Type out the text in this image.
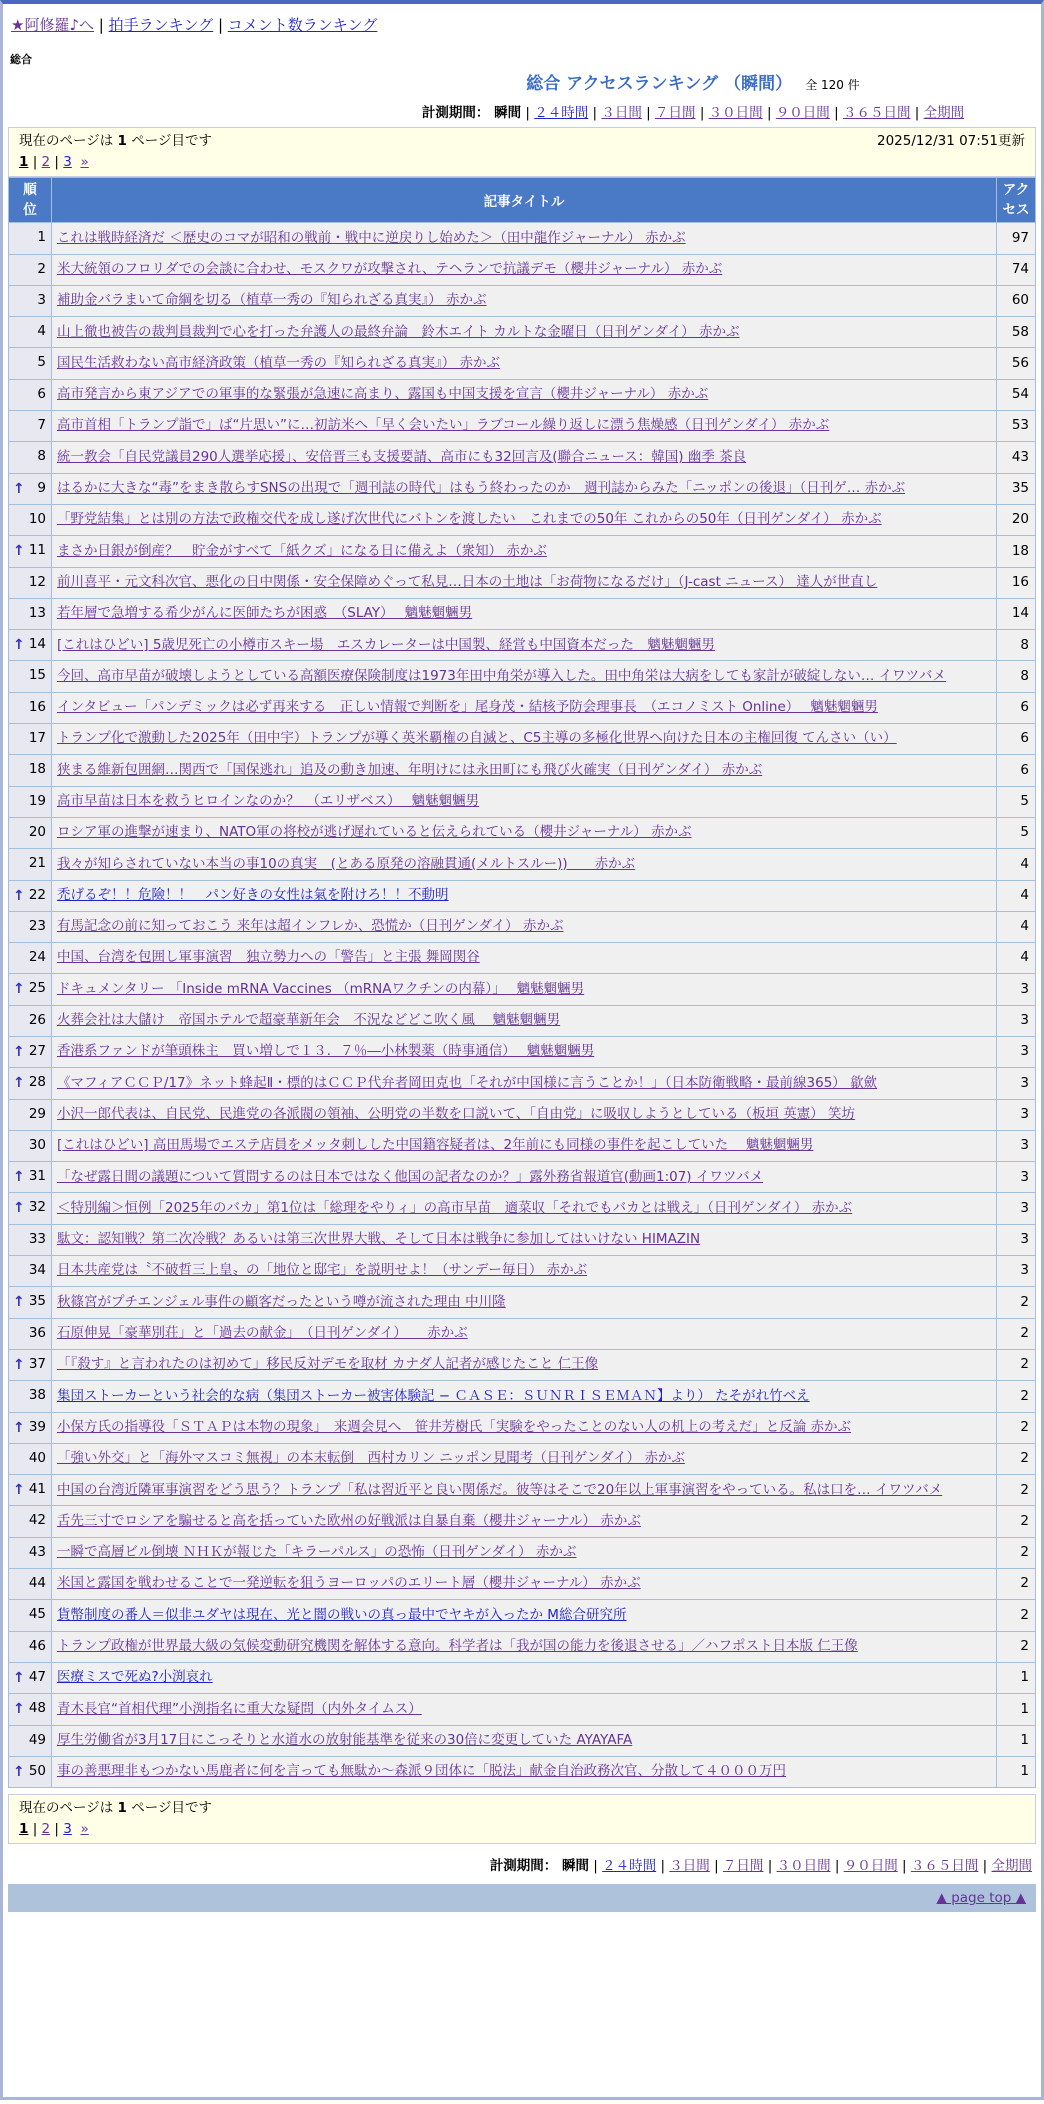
★阿修羅♪へ | 拍手ランキング | コメント数ランキング
総合
総合 アクセスランキング （瞬間） 全 120 件
計測期間： 瞬間 | ２４時間 | ３日間 | ７日間 | ３０日間 | ９０日間 | ３６５日間 | 全期間
現在のページは 1 ページ目です	2025/12/31 07:51更新
1 | 2 | 3 »
順位	記事タイトル	アクセス
1	これは戦時経済だ ＜歴史のコマが昭和の戦前・戦中に逆戻りし始めた＞（田中龍作ジャーナル） 赤かぶ	97
2	米大統領のフロリダでの会談に合わせ、モスクワが攻撃され、テヘランで抗議デモ（櫻井ジャーナル） 赤かぶ	74
3	補助金バラまいて命綱を切る（植草一秀の『知られざる真実』） 赤かぶ	60
4	山上徹也被告の裁判員裁判で心を打った弁護人の最終弁論　鈴木エイト カルトな金曜日（日刊ゲンダイ） 赤かぶ	58
5	国民生活救わない高市経済政策（植草一秀の『知られざる真実』） 赤かぶ	56
6	高市発言から東アジアでの軍事的な緊張が急速に高まり、露国も中国支援を宣言（櫻井ジャーナル） 赤かぶ	54
7	高市首相「トランプ詣で」ば“片思い”に…初訪米へ「早く会いたい」ラブコール繰り返しに漂う焦燥感（日刊ゲンダイ） 赤かぶ	53
8	統一教会「自民党議員290人選挙応援」、安倍晋三も支援要請、高市にも32回言及(聯合ニュース：韓国) 幽季 茶良	43

↑ 9	はるかに大きな“毒”をまき散らすSNSの出現で「週刊誌の時代」はもう終わったのか　週刊誌からみた「ニッポンの後退」（日刊ゲ… 赤かぶ	35
10	「野党結集」とは別の方法で政権交代を成し遂げ次世代にバトンを渡したい　これまでの50年 これからの50年（日刊ゲンダイ） 赤かぶ	20

↑ 11	まさか日銀が倒産？　貯金がすべて「紙クズ」になる日に備えよ（衆知） 赤かぶ	18
12	前川喜平・元文科次官、悪化の日中関係・安全保障めぐって私見…日本の土地は「お荷物になるだけ」（J-cast ニュース） 達人が世直し	16
13	若年層で急増する希少がんに医師たちが困惑　（SLAY）　 魑魅魍魎男	14

↑ 14	[これはひどい] 5歳児死亡の小樽市スキー場　エスカレーターは中国製、経営も中国資本だった　魑魅魍魎男	8
15	今回、高市早苗が破壊しようとしている高額医療保険制度は1973年田中角栄が導入した。田中角栄は大病をしても家計が破綻しない… イワツバメ	8
16	インタビュー「パンデミックは必ず再来する　正しい情報で判断を」尾身茂・結核予防会理事長　（エコノミスト Online）　 魑魅魍魎男	6
17	トランプ化で激動した2025年（田中宇）トランプが導く英米覇権の自滅と、C5主導の多極化世界へ向けた日本の主権回復 てんさい（い）	6
18	狭まる維新包囲網…関西で「国保逃れ」追及の動き加速、年明けには永田町にも飛び火確実（日刊ゲンダイ） 赤かぶ	6
19	高市早苗は日本を救うヒロインなのか？　（エリザベス）　 魑魅魍魎男	5
20	ロシア軍の進撃が速まり、NATO軍の将校が逃げ遅れていると伝えられている（櫻井ジャーナル） 赤かぶ	5
21	我々が知らされていない本当の事10の真実　(とある原発の溶融貫通(メルトスルー))　　赤かぶ	4

↑ 22	禿げるぞ！！危險！！　パン好きの女性は氣を附けろ！！不動明	4
23	有馬記念の前に知っておこう 来年は超インフレか、恐慌か（日刊ゲンダイ） 赤かぶ	4
24	中国、台湾を包囲し軍事演習　独立勢力への「警告」と主張 舞岡関谷	4

↑ 25	ドキュメンタリー 「Inside mRNA Vaccines （mRNAワクチンの内幕）」　 魑魅魍魎男	3
26	火葬会社は大儲け　帝国ホテルで超豪華新年会　不況などどこ吹く風　 魑魅魍魎男	3

↑ 27	香港系ファンドが筆頭株主　買い増しで１３．７％―小林製薬（時事通信）　 魑魅魍魎男	3

↑ 28	《マフィアＣＣＰ/17》ネット蜂起Ⅱ・標的はＣＣＰ代弁者岡田克也「それが中国様に言うことか！」（日本防衛戦略・最前線365） 歙歛	3
29	小沢一郎代表は、自民党、民進党の各派閥の領袖、公明党の半数を口説いて、「自由党」に吸収しようとしている（板垣 英憲） 笑坊	3
30	[これはひどい] 高田馬場でエステ店員をメッタ刺しした中国籍容疑者は、2年前にも同様の事件を起こしていた　 魑魅魍魎男	3

↑ 31	「なぜ露日間の議題について質問するのは日本ではなく他国の記者なのか？」露外務省報道官(動画1:07) イワツバメ	3

↑ 32	＜特別編＞恒例「2025年のバカ」第1位は「総理をやりィ」の高市早苗　適菜収「それでもバカとは戦え」（日刊ゲンダイ） 赤かぶ	3
33	駄文：認知戦？第二次冷戦？あるいは第三次世界大戦、そして日本は戦争に参加してはいけない HIMAZIN	3
34	日本共産党は〝不破哲三上皇〟の「地位と邸宅」を説明せよ！（サンデー毎日） 赤かぶ	3

↑ 35	秋篠宮がプチエンジェル事件の顧客だったという噂が流された理由 中川隆	2
36	石原伸晃「豪華別荘」と「過去の献金」　（日刊ゲンダイ）　　赤かぶ	2

↑ 37	「『殺す』と言われたのは初めて」移民反対デモを取材 カナダ人記者が感じたこと 仁王像	2
38	集団ストーカーという社会的な病（集団ストーカー被害体験記 − ＣＡＳＥ：ＳＵＮＲＩＳＥＭＡＮ】より） たそがれ竹ベえ	2

↑ 39	小保方氏の指導役「ＳＴＡＰは本物の現象」　来週会見へ　笹井芳樹氏「実験をやったことのない人の机上の考えだ」と反論 赤かぶ	2
40	「強い外交」と「海外マスコミ無視」の本末転倒　西村カリン ニッポン見聞考（日刊ゲンダイ） 赤かぶ	2

↑ 41	中国の台湾近隣軍事演習をどう思う？トランプ「私は習近平と良い関係だ。彼等はそこで20年以上軍事演習をやっている。私は口を… イワツバメ	2
42	舌先三寸でロシアを騙せると高を括っていた欧州の好戦派は自暴自棄（櫻井ジャーナル） 赤かぶ	2
43	一瞬で高層ビル倒壊 ＮＨＫが報じた「キラーパルス」の恐怖（日刊ゲンダイ） 赤かぶ	2
44	米国と露国を戦わせることで一発逆転を狙うヨーロッパのエリート層（櫻井ジャーナル） 赤かぶ	2
45	貨幣制度の番人＝似非ユダヤは現在、光と闇の戦いの真っ最中でヤキが入ったか M総合研究所	2
46	トランプ政権が世界最大級の気候変動研究機関を解体する意向。科学者は「我が国の能力を後退させる」／ハフポスト日本版 仁王像	2

↑ 47	医療ミスで死ぬ?小渕哀れ	1

↑ 48	青木長官“首相代理”小渕指名に重大な疑問（内外タイムス）	1
49	厚生労働省が3月17日にこっそりと水道水の放射能基準を従来の30倍に変更していた AYAYAFA	1

↑ 50	事の善悪理非もつかない馬鹿者に何を言っても無駄か〜森派９団体に「脱法」献金自治政務次官、分散して４０００万円	1
現在のページは 1 ページ目です
1 | 2 | 3 »
計測期間： 瞬間 | ２４時間 | ３日間 | ７日間 | ３０日間 | ９０日間 | ３６５日間 | 全期間
▲ page top ▲
